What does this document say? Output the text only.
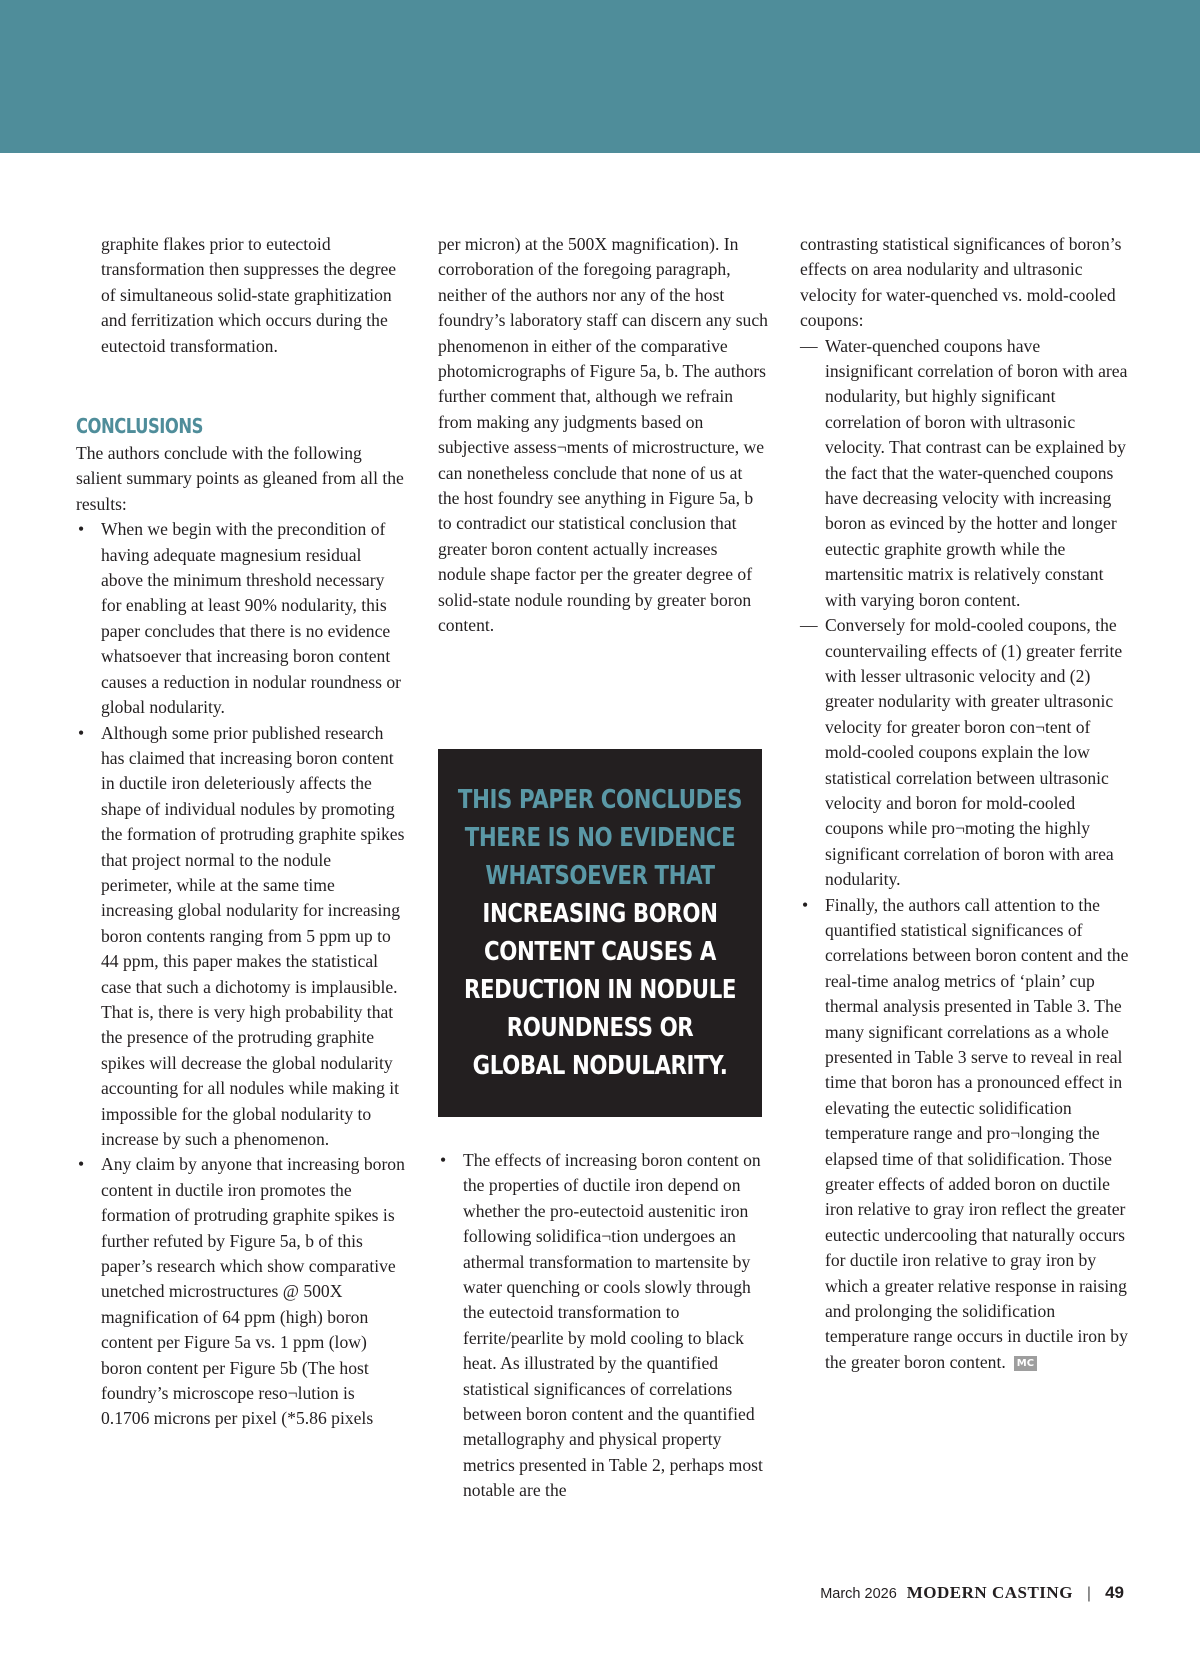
graphite flakes prior to eutectoid transformation then suppresses the degree of simultaneous solid-state graphitization and ferritization which occurs during the eutectoid transformation.

CONCLUSIONS

The authors conclude with the following salient summary points as gleaned from all the results:

• When we begin with the precondition of having adequate magnesium residual above the minimum threshold necessary for enabling at least 90% nodularity, this paper concludes that there is no evidence whatsoever that increasing boron content causes a reduction in nodular roundness or global nodularity.

• Although some prior published research has claimed that increasing boron content in ductile iron deleteriously affects the shape of individual nodules by promoting the formation of protruding graphite spikes that project normal to the nodule perimeter, while at the same time increasing global nodularity for increasing boron contents ranging from 5 ppm up to 44 ppm, this paper makes the statistical case that such a dichotomy is implausible. That is, there is very high probability that the presence of the protruding graphite spikes will decrease the global nodularity accounting for all nodules while making it impossible for the global nodularity to increase by such a phenomenon.

• Any claim by anyone that increasing boron content in ductile iron promotes the formation of protruding graphite spikes is further refuted by Figure 5a, b of this paper’s research which show comparative unetched microstructures @ 500X magnification of 64 ppm (high) boron content per Figure 5a vs. 1 ppm (low) boron content per Figure 5b (The host foundry’s microscope reso¬lution is 0.1706 microns per pixel (*5.86 pixels

per micron) at the 500X magnification). In corroboration of the foregoing paragraph, neither of the authors nor any of the host foundry’s laboratory staff can discern any such phenomenon in either of the comparative photomicrographs of Figure 5a, b. The authors further comment that, although we refrain from making any judgments based on subjective assess¬ments of microstructure, we can nonetheless conclude that none of us at the host foundry see anything in Figure 5a, b to contradict our statistical conclusion that greater boron content actually increases nodule shape factor per the greater degree of solid-state nodule rounding by greater boron content.

THIS PAPER CONCLUDES
THERE IS NO EVIDENCE
WHATSOEVER THAT
INCREASING BORON
CONTENT CAUSES A
REDUCTION IN NODULE
ROUNDNESS OR
GLOBAL NODULARITY.

• The effects of increasing boron content on the properties of ductile iron depend on whether the pro-eutectoid austenitic iron following solidifica¬tion undergoes an athermal transformation to martensite by water quenching or cools slowly through the eutectoid transformation to ferrite/pearlite by mold cooling to black heat. As illustrated by the quantified statistical significances of correlations between boron content and the quantified metallography and physical property metrics presented in Table 2, perhaps most notable are the

contrasting statistical significances of boron’s effects on area nodularity and ultrasonic velocity for water-quenched vs. mold-cooled coupons:

— Water-quenched coupons have insignificant correlation of boron with area nodularity, but highly significant correlation of boron with ultrasonic velocity. That contrast can be explained by the fact that the water-quenched coupons have decreasing velocity with increasing boron as evinced by the hotter and longer eutectic graphite growth while the martensitic matrix is relatively constant with varying boron content.

— Conversely for mold-cooled coupons, the countervailing effects of (1) greater ferrite with lesser ultrasonic velocity and (2) greater nodularity with greater ultrasonic velocity for greater boron con¬tent of mold-cooled coupons explain the low statistical correlation between ultrasonic velocity and boron for mold-cooled coupons while pro¬moting the highly significant correlation of boron with area nodularity.

• Finally, the authors call attention to the quantified statistical significances of correlations between boron content and the real-time analog metrics of ‘plain’ cup thermal analysis presented in Table 3. The many significant correlations as a whole presented in Table 3 serve to reveal in real time that boron has a pronounced effect in elevating the eutectic solidification temperature range and pro¬longing the elapsed time of that solidification. Those greater effects of added boron on ductile iron relative to gray iron reflect the greater eutectic undercooling that naturally occurs for ductile iron relative to gray iron by which a greater relative response in raising and prolonging the solidification temperature range occurs in ductile iron by the greater boron content. MC

March 2026 MODERN CASTING | 49
